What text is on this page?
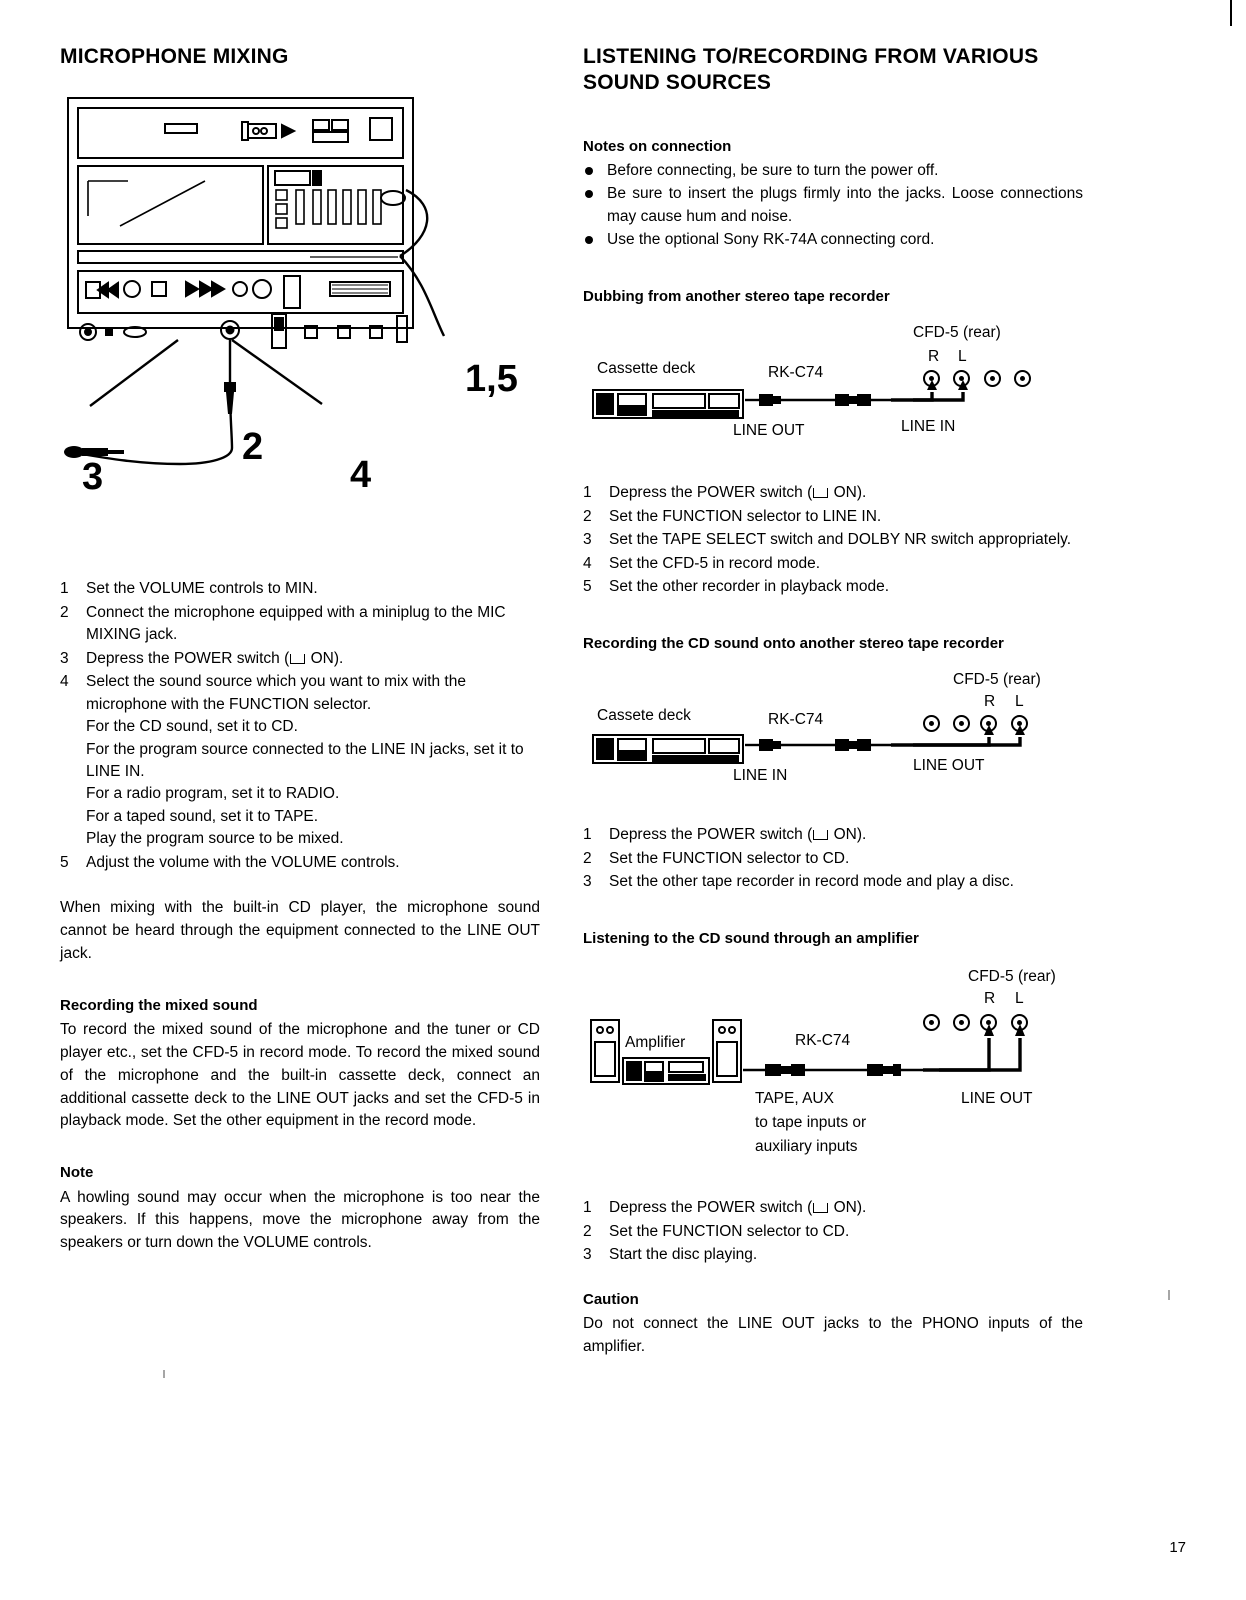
MICROPHONE MIXING
1,5
2
3	4
1 Set the VOLUME controls to MIN.
2 Connect the microphone equipped with a miniplug to the MIC MIXING jack.
3 Depress the POWER switch ( ON).
4 Select the sound source which you want to mix with the microphone with the FUNCTION selector.
For the CD sound, set it to CD.
For the program source connected to the LINE IN jacks, set it to LINE IN.
For a radio program, set it to RADIO.
For a taped sound, set it to TAPE.
Play the program source to be mixed.
5 Adjust the volume with the VOLUME controls.
When mixing with the built-in CD player, the microphone sound cannot be heard through the equipment connected to the LINE OUT jack.
Recording the mixed sound
To record the mixed sound of the microphone and the tuner or CD player etc., set the CFD-5 in record mode. To record the mixed sound of the microphone and the built-in cassette deck, connect an additional cassette deck to the LINE OUT jacks and set the CFD-5 in playback mode. Set the other equipment in the record mode.
Note
A howling sound may occur when the microphone is too near the speakers. If this happens, move the microphone away from the speakers or turn down the VOLUME controls.
LISTENING TO/RECORDING FROM VARIOUS SOUND SOURCES
Notes on connection
Before connecting, be sure to turn the power off.
Be sure to insert the plugs firmly into the jacks. Loose connections may cause hum and noise.
Use the optional Sony RK-74A connecting cord.
Dubbing from another stereo tape recorder
CFD-5 (rear)
R L
Cassette deck	RK-C74
LINE OUT	LINE IN
1 Depress the POWER switch ( ON).
2 Set the FUNCTION selector to LINE IN.
3 Set the TAPE SELECT switch and DOLBY NR switch appropriately.
4 Set the CFD-5 in record mode.
5 Set the other recorder in playback mode.
Recording the CD sound onto another stereo tape recorder
CFD-5 (rear)
R L
Cassete deck	RK-C74
LINE IN
LINE OUT
1 Depress the POWER switch ( ON).
2 Set the FUNCTION selector to CD.
3 Set the other tape recorder in record mode and play a disc.
Listening to the CD sound through an amplifier
CFD-5 (rear)
R L
Amplifier	RK-C74
TAPE, AUX
to tape inputs or
auxiliary inputs
LINE OUT
1 Depress the POWER switch ( ON).
2 Set the FUNCTION selector to CD.
3 Start the disc playing.
Caution
Do not connect the LINE OUT jacks to the PHONO inputs of the amplifier.
17
